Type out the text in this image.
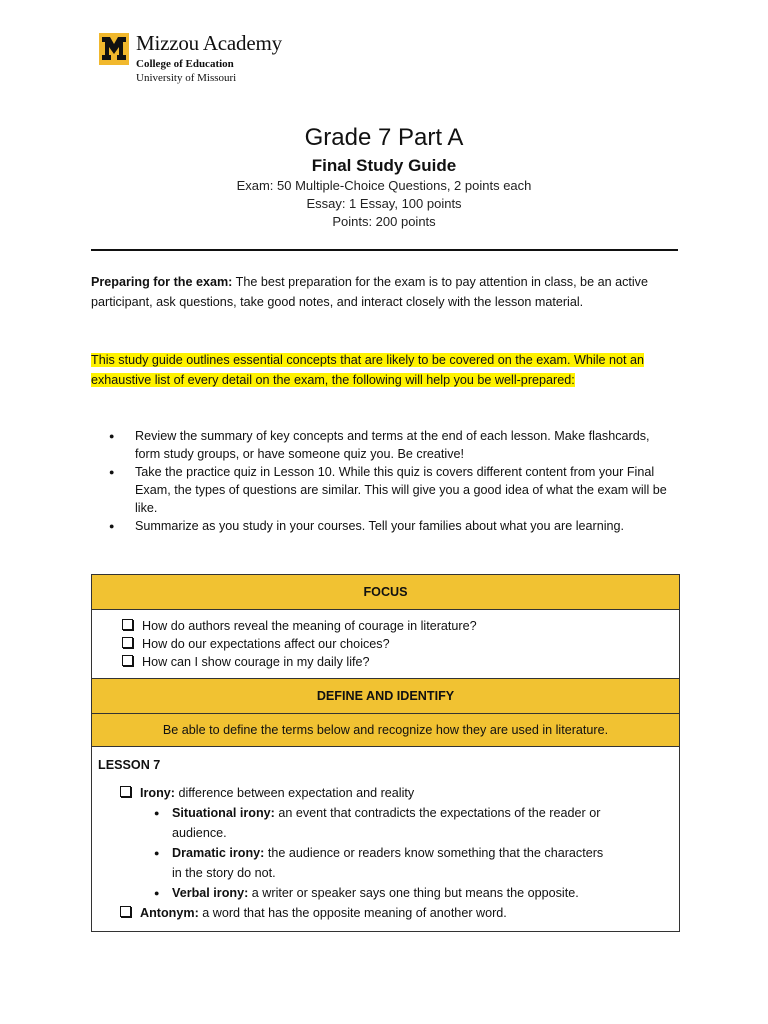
Mizzou Academy
College of Education
University of Missouri
Grade 7 Part A
Final Study Guide
Exam: 50 Multiple-Choice Questions, 2 points each
Essay: 1 Essay, 100 points
Points: 200 points
Preparing for the exam: The best preparation for the exam is to pay attention in class, be an active participant, ask questions, take good notes, and interact closely with the lesson material.
This study guide outlines essential concepts that are likely to be covered on the exam. While not an exhaustive list of every detail on the exam, the following will help you be well-prepared:
● Review the summary of key concepts and terms at the end of each lesson. Make flashcards, form study groups, or have someone quiz you. Be creative!
● Take the practice quiz in Lesson 10. While this quiz is covers different content from your Final Exam, the types of questions are similar. This will give you a good idea of what the exam will be like.
● Summarize as you study in your courses. Tell your families about what you are learning.
FOCUS
How do authors reveal the meaning of courage in literature?
How do our expectations affect our choices?
How can I show courage in my daily life?
DEFINE AND IDENTIFY
Be able to define the terms below and recognize how they are used in literature.
LESSON 7
Irony: difference between expectation and reality
● Situational irony: an event that contradicts the expectations of the reader or audience.
● Dramatic irony: the audience or readers know something that the characters in the story do not.
● Verbal irony: a writer or speaker says one thing but means the opposite.
Antonym: a word that has the opposite meaning of another word.
